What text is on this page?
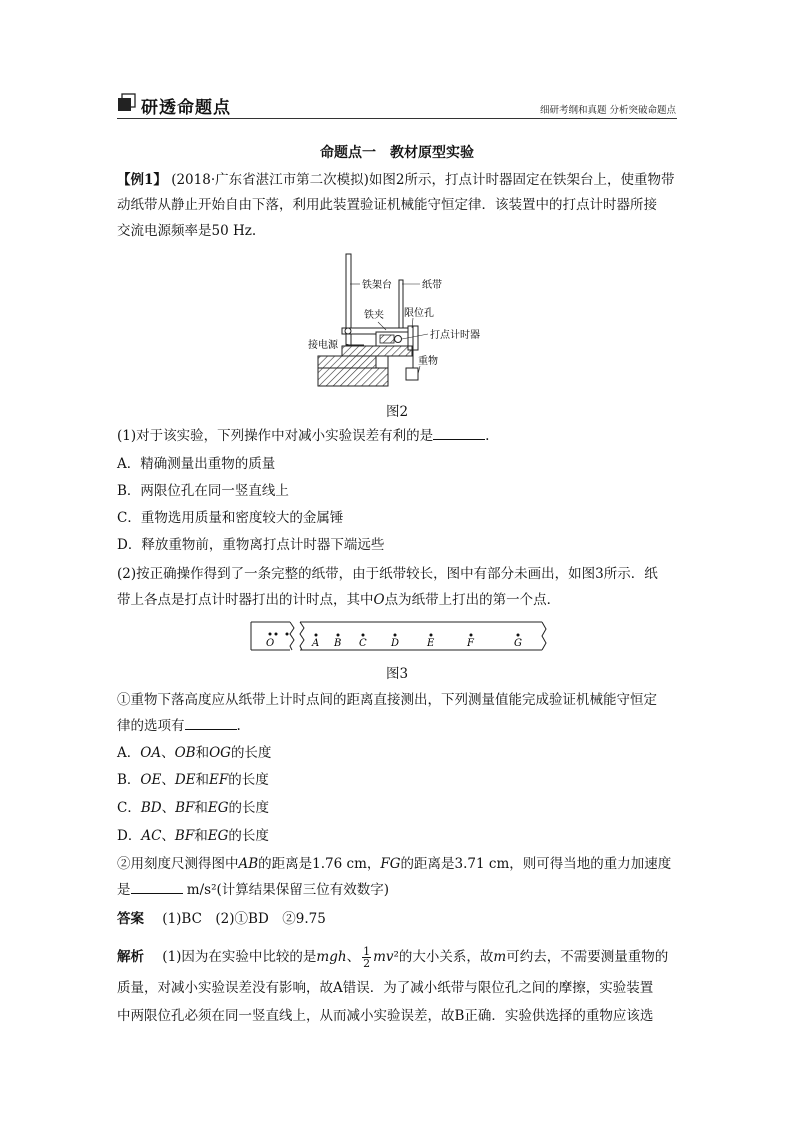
研透命题点	细研考纲和真题 分析突破命题点
命题点一　教材原型实验
【例1】 (2018·广东省湛江市第二次模拟)如图2所示，打点计时器固定在铁架台上，使重物带
动纸带从静止开始自由下落，利用此装置验证机械能守恒定律．该装置中的打点计时器所接
交流电源频率是50 Hz.
铁架台	纸带
铁夹 限位孔
打点计时器
接电源
重物
图2
(1)对于该实验，下列操作中对减小实验误差有利的是	.
A．精确测量出重物的质量
B．两限位孔在同一竖直线上
C．重物选用质量和密度较大的金属锤
D．释放重物前，重物离打点计时器下端远些
(2)按正确操作得到了一条完整的纸带，由于纸带较长，图中有部分未画出，如图3所示．纸
带上各点是打点计时器打出的计时点，其中O点为纸带上打出的第一个点．
O	A B C D	E	F	G
图3
①重物下落高度应从纸带上计时点间的距离直接测出，下列测量值能完成验证机械能守恒定
律的选项有	.
A．OA、OB和OG的长度
B．OE、DE和EF的长度
C．BD、BF和EG的长度
D．AC、BF和EG的长度
②用刻度尺测得图中AB的距离是1.76 cm，FG的距离是3.71 cm，则可得当地的重力加速度
是	m/s²(计算结果保留三位有效数字)
答案 (1)BC　(2)①BD　②9.75
解析 (1)因为在实验中比较的是mgh、 $\frac{1}{2} mv^2$的大小关系，故m可约去，不需要测量重物的
质量，对减小实验误差没有影响，故A错误．为了减小纸带与限位孔之间的摩擦，实验装置
中两限位孔必须在同一竖直线上，从而减小实验误差，故B正确．实验供选择的重物应该选
